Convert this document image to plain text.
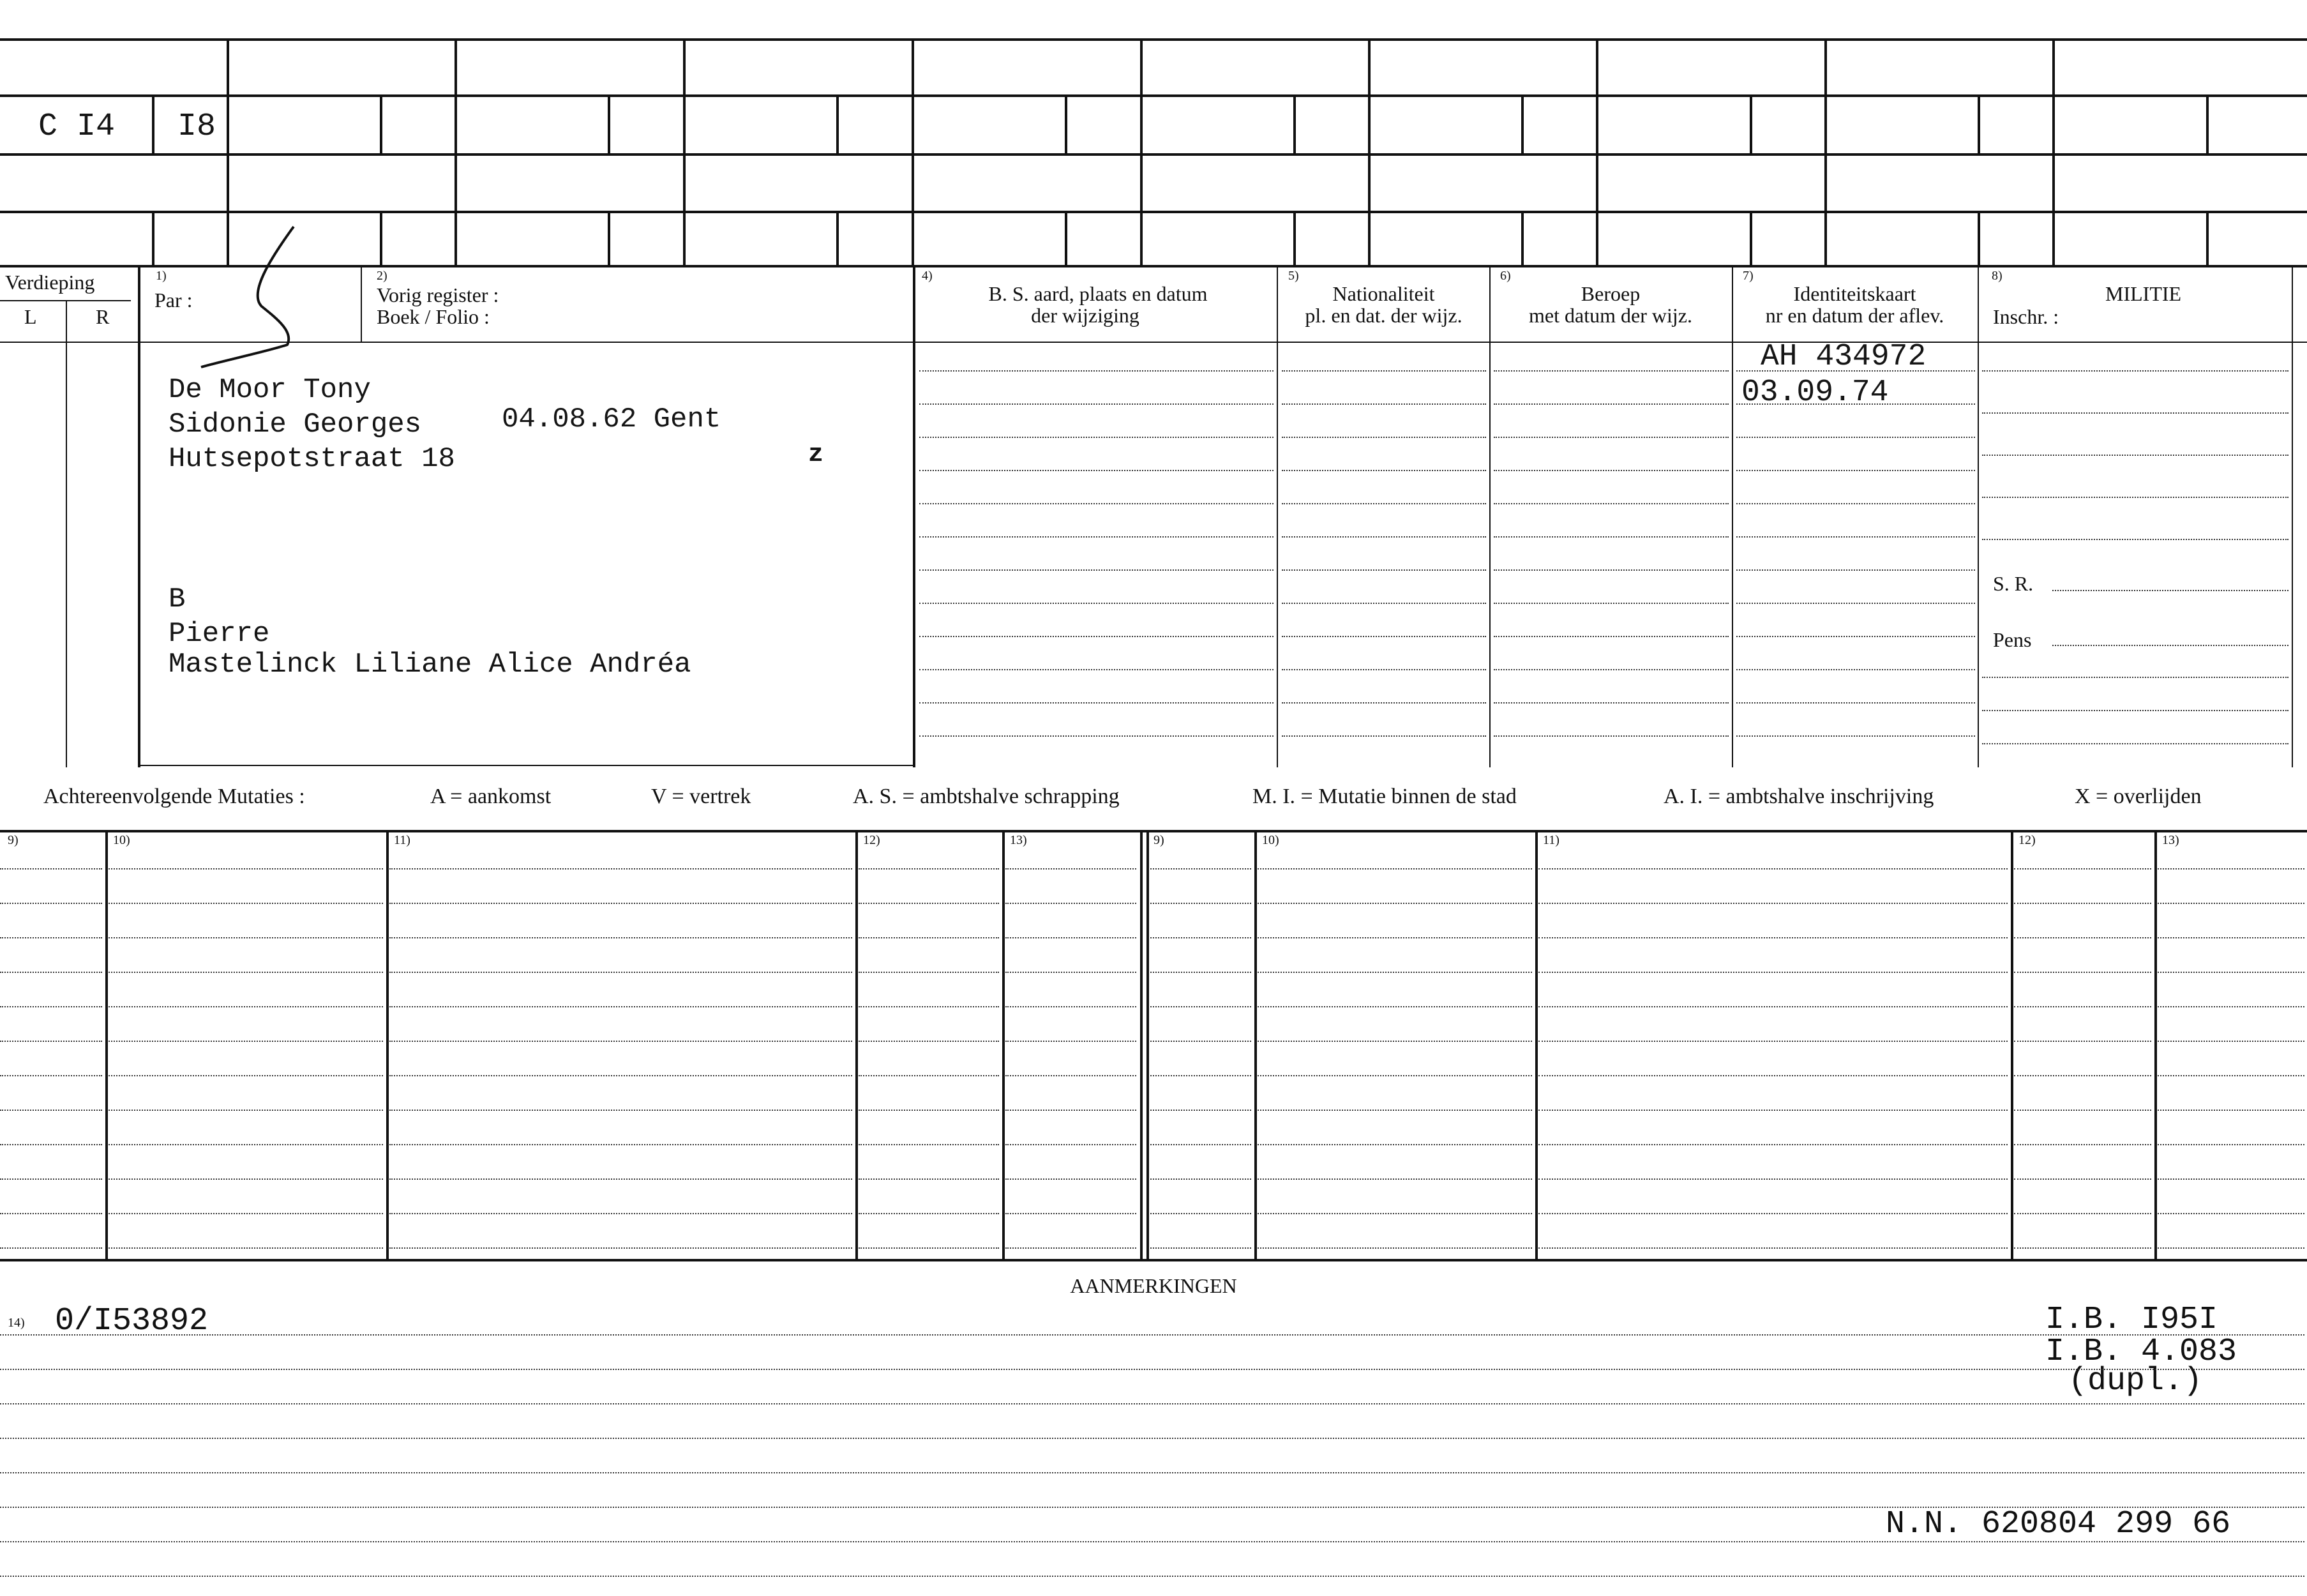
C I4 I8
Verdieping
L	R
1)
Par :
2)
Vorig register :
Boek / Folio :
4)
B. S. aard, plaats en datum
der wijziging
5)
Nationaliteit
pl. en dat. der wijz.
6)
Beroep
met datum der wijz.
7)
Identiteitskaart
nr en datum der aflev.
8)
MILITIE
Inschr. :
De Moor Tony
Sidonie Georges	04.08.62 Gent
Hutsepotstraat 18	z
B
Pierre
Mastelinck Liliane Alice Andréa
AH 434972
03.09.74
S. R.
Pens
Achtereenvolgende Mutaties :	A = aankomst	V = vertrek	A. S. = ambtshalve schrapping	M. I. = Mutatie binnen de stad	A. I. = ambtshalve inschrijving	X = overlijden
9)	10)	11)	12)	13)	9)	10)	11)	12)	13)
AANMERKINGEN
14) 0/I53892	I.B. I95I
I.B. 4.083
(dupl.)
N.N. 620804 299 66
